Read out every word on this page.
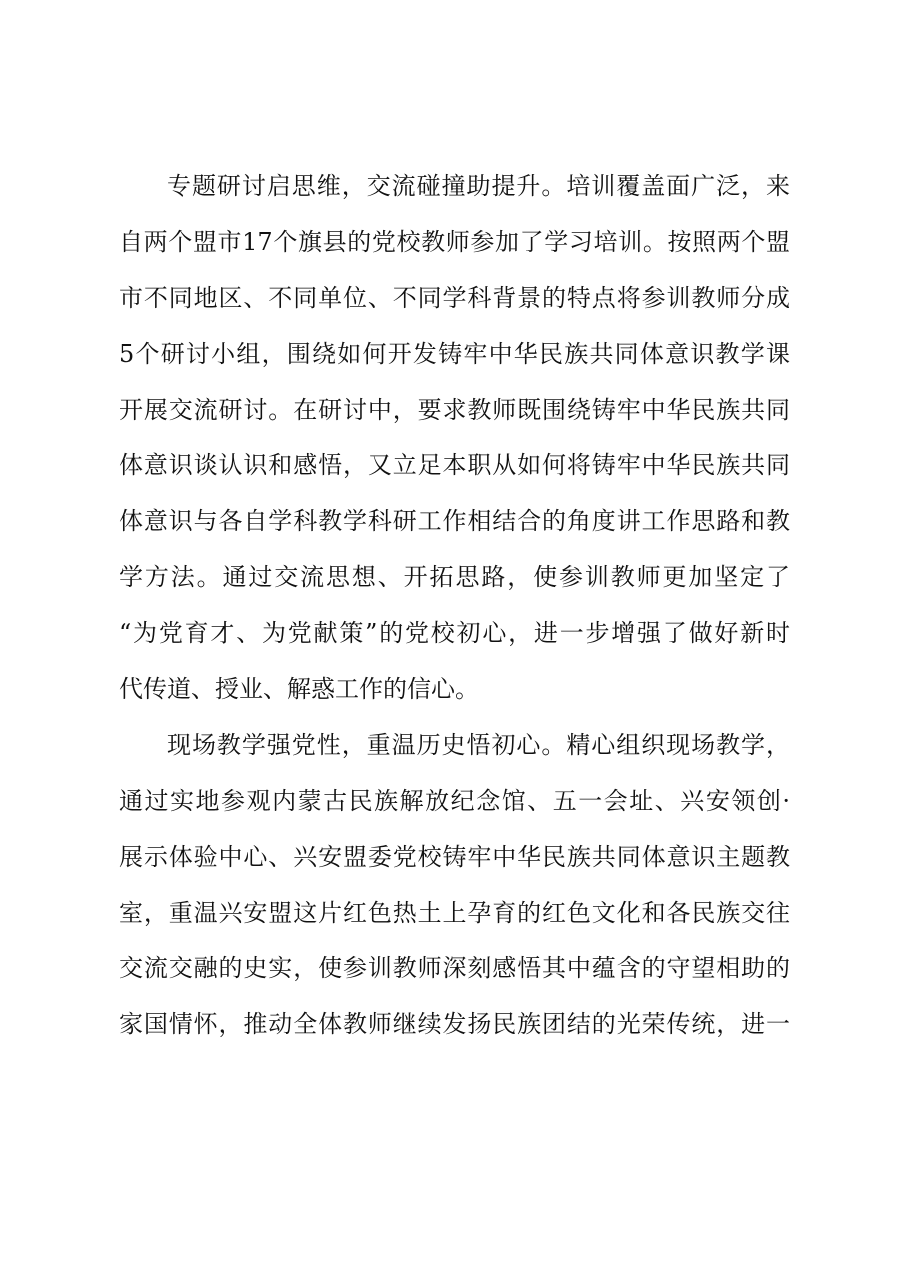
专题研讨启思维，交流碰撞助提升。培训覆盖面广泛，来
自两个盟市17个旗县的党校教师参加了学习培训。按照两个盟
市不同地区、不同单位、不同学科背景的特点将参训教师分成
5个研讨小组，围绕如何开发铸牢中华民族共同体意识教学课
开展交流研讨。在研讨中，要求教师既围绕铸牢中华民族共同
体意识谈认识和感悟，又立足本职从如何将铸牢中华民族共同
体意识与各自学科教学科研工作相结合的角度讲工作思路和教
学方法。通过交流思想、开拓思路，使参训教师更加坚定了
“为党育才、为党献策”的党校初心，进一步增强了做好新时
代传道、授业、解惑工作的信心。
现场教学强党性，重温历史悟初心。精心组织现场教学，
通过实地参观内蒙古民族解放纪念馆、五一会址、兴安领创·
展示体验中心、兴安盟委党校铸牢中华民族共同体意识主题教
室，重温兴安盟这片红色热土上孕育的红色文化和各民族交往
交流交融的史实，使参训教师深刻感悟其中蕴含的守望相助的
家国情怀，推动全体教师继续发扬民族团结的光荣传统，进一
